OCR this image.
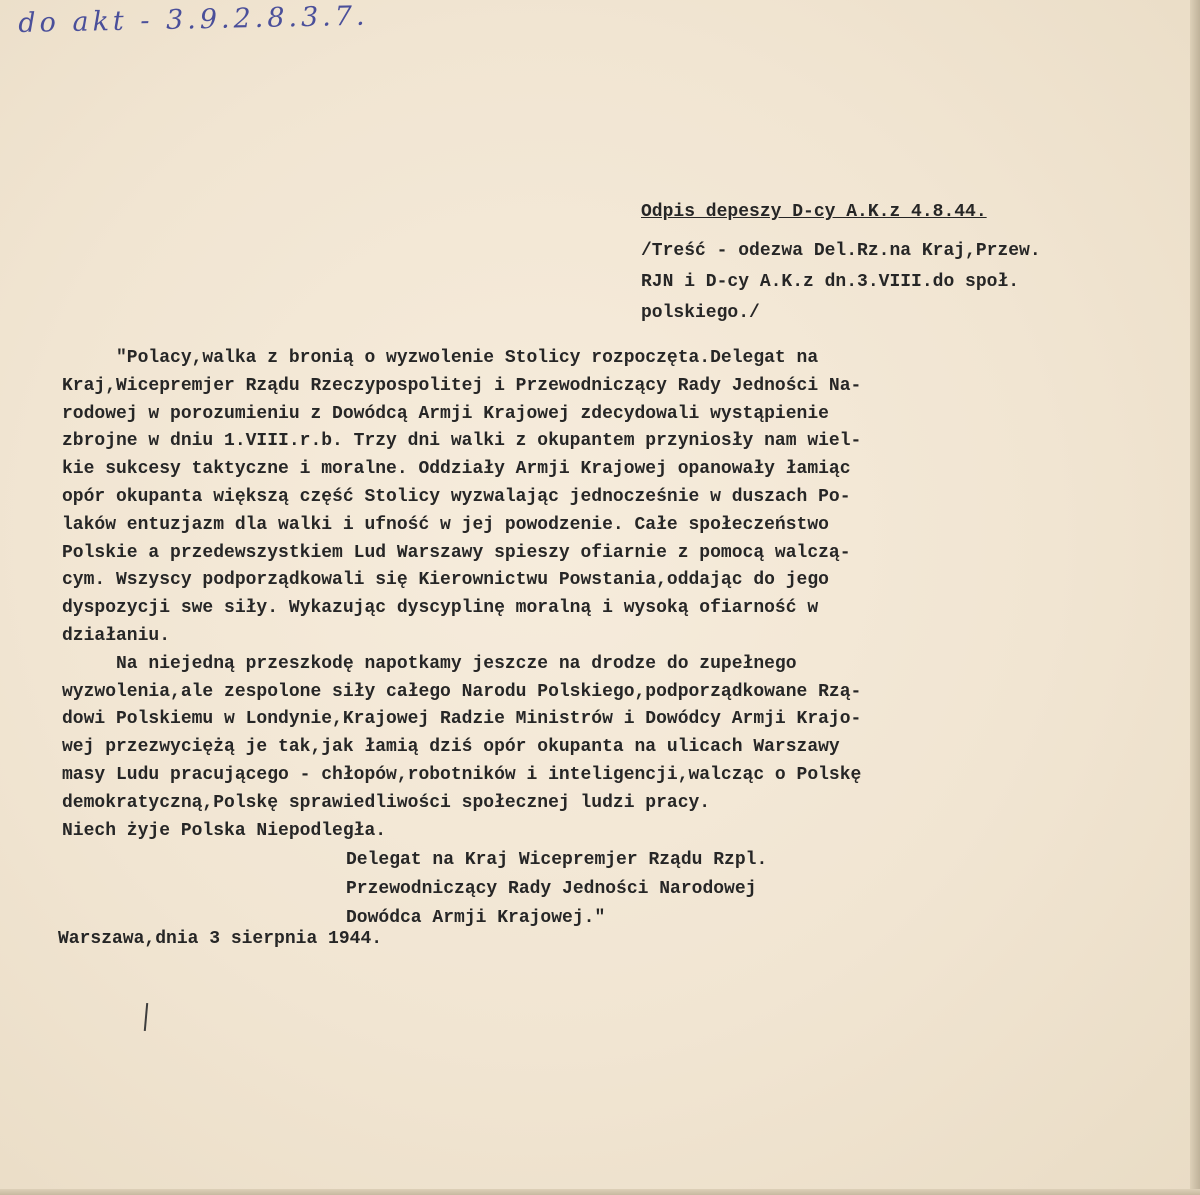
do akt - 3.9.2.8.3.7.
Odpis depeszy D-cy A.K.z 4.8.44.
/Treść - odezwa Del.Rz.na Kraj,Przew.
RJN i D-cy A.K.z dn.3.VIII.do społ.
polskiego./
"Polacy,walka z bronią o wyzwolenie Stolicy rozpoczęta.Delegat na
Kraj,Wicepremjer Rządu Rzeczypospolitej i Przewodniczący Rady Jedności Na-
rodowej w porozumieniu z Dowódcą Armji Krajowej zdecydowali wystąpienie
zbrojne w dniu 1.VIII.r.b. Trzy dni walki z okupantem przyniosły nam wiel-
kie sukcesy taktyczne i moralne. Oddziały Armji Krajowej opanowały łamiąc
opór okupanta większą część Stolicy wyzwalając jednocześnie w duszach Po-
laków entuzjazm dla walki i ufność w jej powodzenie. Całe społeczeństwo
Polskie a przedewszystkiem Lud Warszawy spieszy ofiarnie z pomocą walczą-
cym. Wszyscy podporządkowali się Kierownictwu Powstania,oddając do jego
dyspozycji swe siły. Wykazując dyscyplinę moralną i wysoką ofiarność w
działaniu.
Na niejedną przeszkodę napotkamy jeszcze na drodze do zupełnego
wyzwolenia,ale zespolone siły całego Narodu Polskiego,podporządkowane Rzą-
dowi Polskiemu w Londynie,Krajowej Radzie Ministrów i Dowódcy Armji Krajo-
wej przezwyciężą je tak,jak łamią dziś opór okupanta na ulicach Warszawy
masy Ludu pracującego - chłopów,robotników i inteligencji,walcząc o Polskę
demokratyczną,Polskę sprawiedliwości społecznej ludzi pracy.
Niech żyje Polska Niepodległa.
Delegat na Kraj Wicepremjer Rządu Rzpl.
Przewodniczący Rady Jedności Narodowej
Dowódca Armji Krajowej."
Warszawa,dnia 3 sierpnia 1944.
